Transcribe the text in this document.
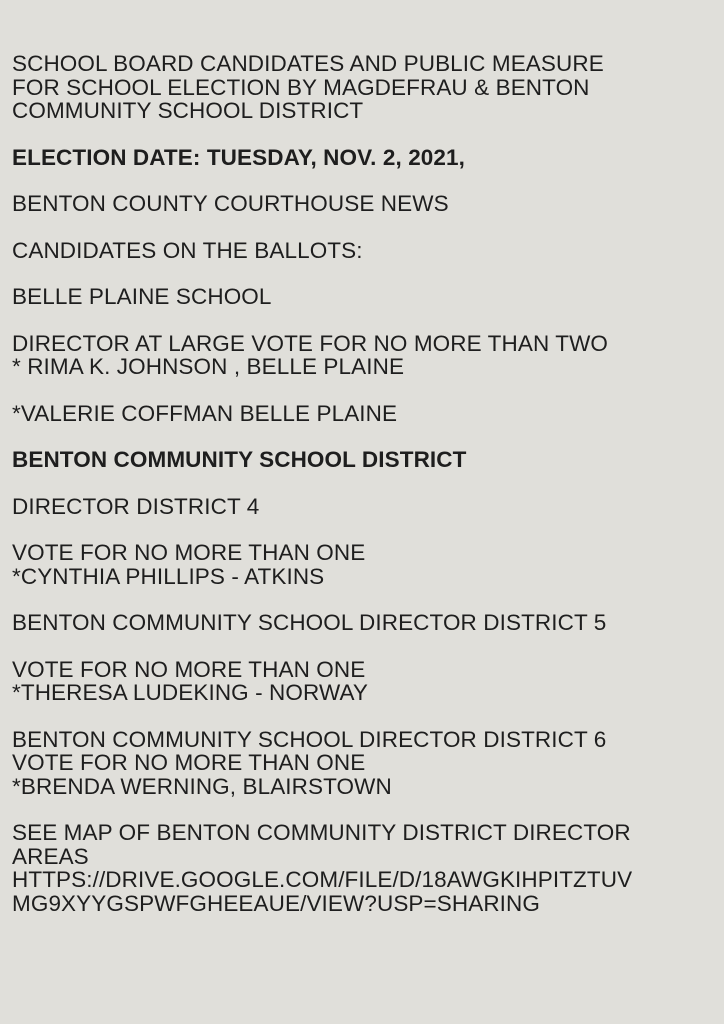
SCHOOL BOARD CANDIDATES AND PUBLIC MEASURE
FOR SCHOOL ELECTION BY MAGDEFRAU & BENTON
COMMUNITY SCHOOL DISTRICT
ELECTION DATE: TUESDAY, NOV. 2, 2021,
BENTON COUNTY COURTHOUSE NEWS
CANDIDATES ON THE BALLOTS:
BELLE PLAINE SCHOOL
DIRECTOR AT LARGE VOTE FOR NO MORE THAN TWO
* RIMA K. JOHNSON , BELLE PLAINE
*VALERIE COFFMAN BELLE PLAINE
BENTON COMMUNITY SCHOOL DISTRICT
DIRECTOR DISTRICT 4
VOTE FOR NO MORE THAN ONE
*CYNTHIA PHILLIPS - ATKINS
BENTON COMMUNITY SCHOOL DIRECTOR DISTRICT 5
VOTE FOR NO MORE THAN ONE
*THERESA LUDEKING - NORWAY
BENTON COMMUNITY SCHOOL DIRECTOR DISTRICT 6
VOTE FOR NO MORE THAN ONE
*BRENDA WERNING, BLAIRSTOWN
SEE MAP OF BENTON COMMUNITY DISTRICT DIRECTOR
AREAS
HTTPS://DRIVE.GOOGLE.COM/FILE/D/18AWGKIHPITZTUV
MG9XYYGSPWFGHEEAUE/VIEW?USP=SHARING
